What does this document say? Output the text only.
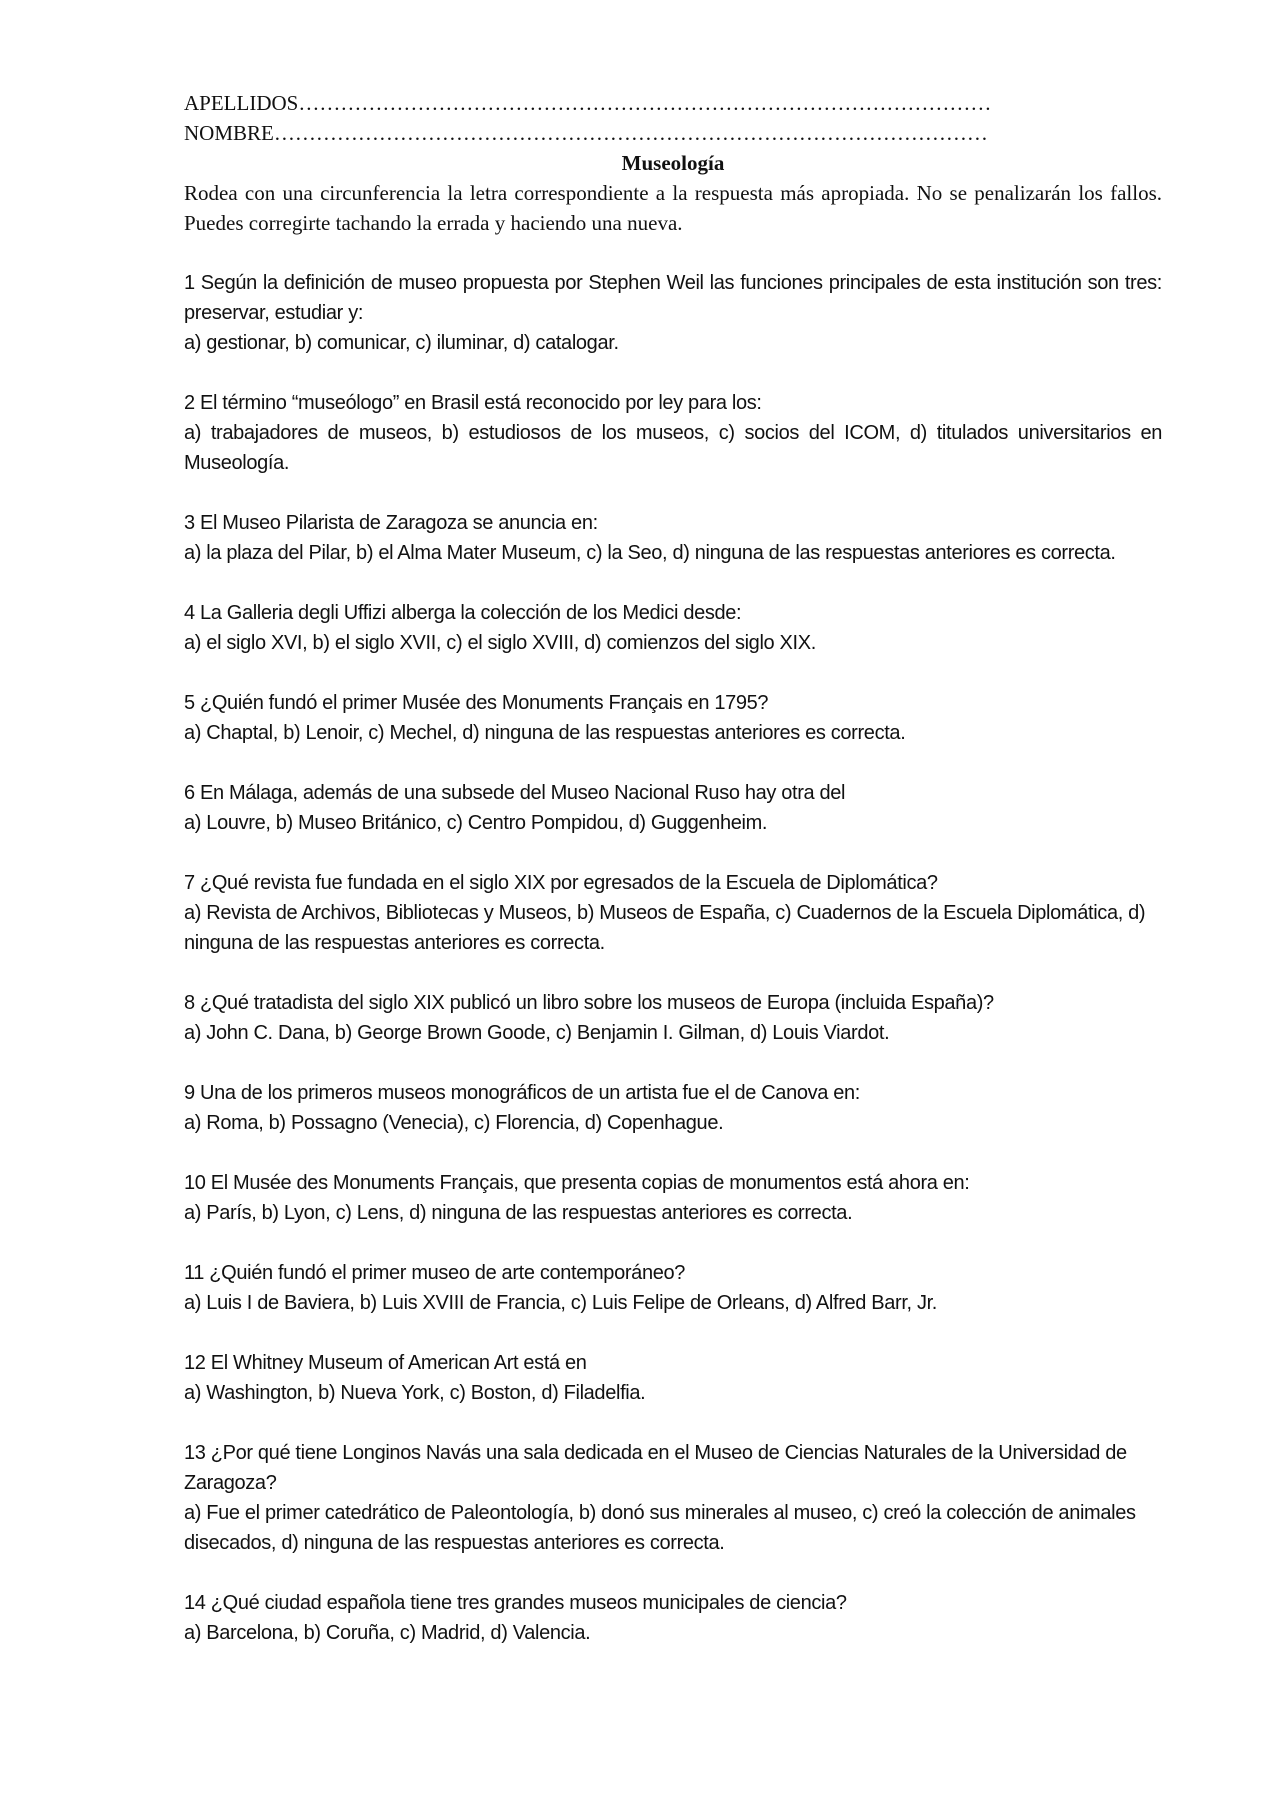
APELLIDOS………………………………………………………………………………………
NOMBRE…………………………………………………………………………………………
Museología

Rodea con una circunferencia la letra correspondiente a la respuesta más apropiada. No se penalizarán los fallos. Puedes corregirte tachando la errada y haciendo una nueva.

1 Según la definición de museo propuesta por Stephen Weil las funciones principales de esta institución son tres: preservar, estudiar y:

a) gestionar, b) comunicar, c) iluminar, d) catalogar.

2 El término “museólogo” en Brasil está reconocido por ley para los:

a) trabajadores de museos, b) estudiosos de los museos, c) socios del ICOM, d) titulados universitarios en Museología.

3 El Museo Pilarista de Zaragoza se anuncia en:

a) la plaza del Pilar, b) el Alma Mater Museum, c) la Seo, d) ninguna de las respuestas anteriores es correcta.

4 La Galleria degli Uffizi alberga la colección de los Medici desde:

a) el siglo XVI, b) el siglo XVII, c) el siglo XVIII, d) comienzos del siglo XIX.

5 ¿Quién fundó el primer Musée des Monuments Français en 1795?

a) Chaptal, b) Lenoir, c) Mechel, d) ninguna de las respuestas anteriores es correcta.

6 En Málaga, además de una subsede del Museo Nacional Ruso hay otra del

a) Louvre, b) Museo Británico, c) Centro Pompidou, d) Guggenheim.

7 ¿Qué revista fue fundada en el siglo XIX por egresados de la Escuela de Diplomática?

a) Revista de Archivos, Bibliotecas y Museos, b) Museos de España, c) Cuadernos de la Escuela Diplomática, d) ninguna de las respuestas anteriores es correcta.

8 ¿Qué tratadista del siglo XIX publicó un libro sobre los museos de Europa (incluida España)?

a) John C. Dana, b) George Brown Goode, c) Benjamin I. Gilman, d) Louis Viardot.

9 Una de los primeros museos monográficos de un artista fue el de Canova en:

a) Roma, b) Possagno (Venecia), c) Florencia, d) Copenhague.

10 El Musée des Monuments Français, que presenta copias de monumentos está ahora en:

a) París, b) Lyon, c) Lens, d) ninguna de las respuestas anteriores es correcta.

11 ¿Quién fundó el primer museo de arte contemporáneo?

a) Luis I de Baviera, b) Luis XVIII de Francia, c) Luis Felipe de Orleans, d) Alfred Barr, Jr.

12 El Whitney Museum of American Art está en

a) Washington, b) Nueva York, c) Boston, d) Filadelfia.

13 ¿Por qué tiene Longinos Navás una sala dedicada en el Museo de Ciencias Naturales de la Universidad de Zaragoza?

a) Fue el primer catedrático de Paleontología, b) donó sus minerales al museo, c) creó la colección de animales disecados, d) ninguna de las respuestas anteriores es correcta.

14 ¿Qué ciudad española tiene tres grandes museos municipales de ciencia?

a) Barcelona, b) Coruña, c) Madrid, d) Valencia.
